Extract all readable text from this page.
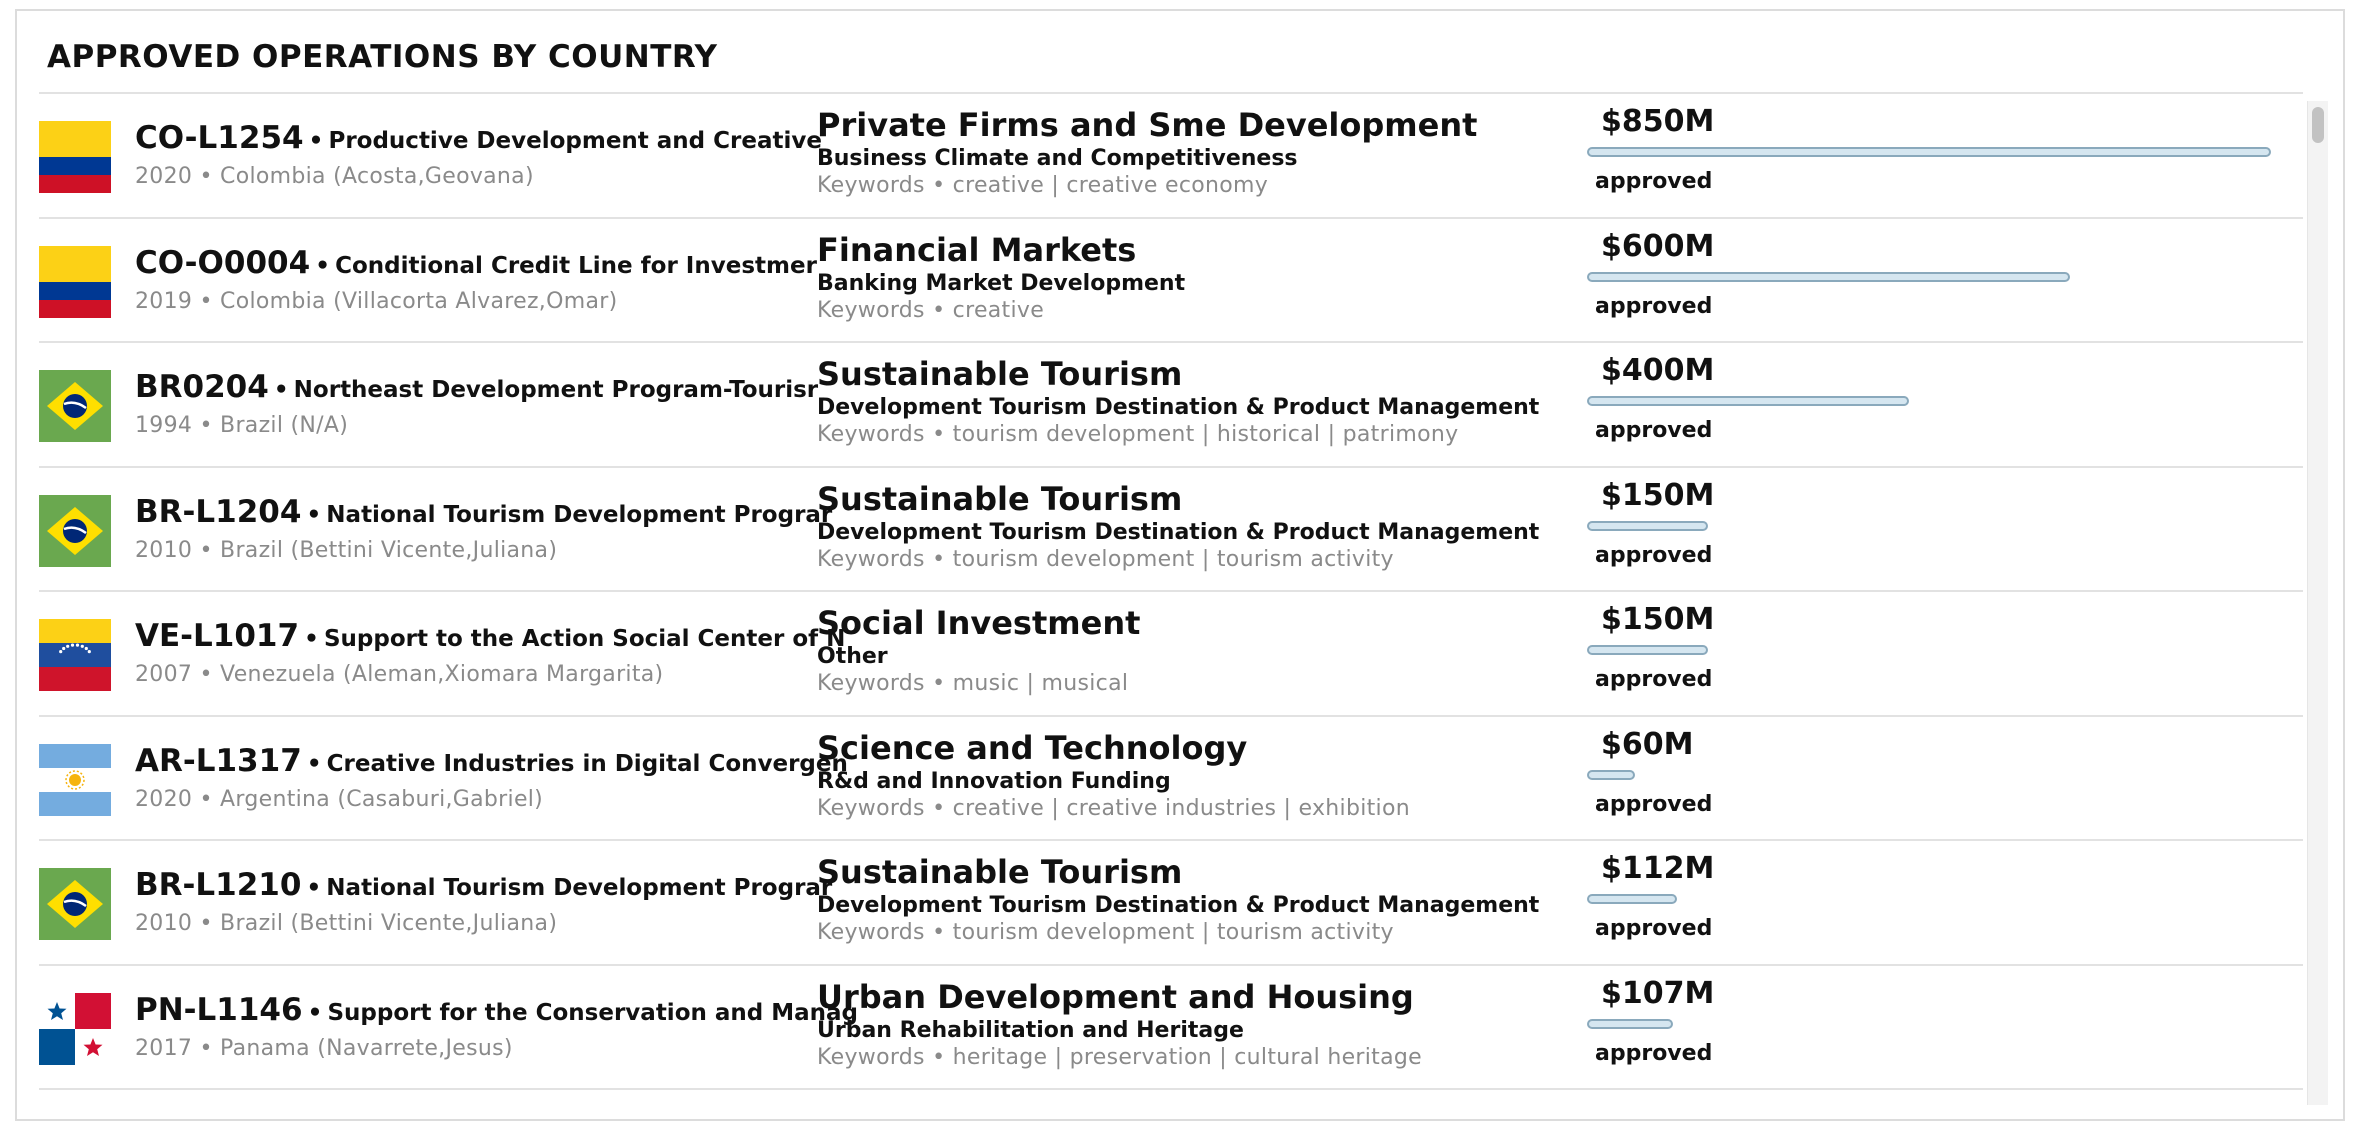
APPROVED OPERATIONS BY COUNTRY
CO-L1254 • Productive Development and Creative
2020 • Colombia (Acosta,Geovana)
Private Firms and Sme Development
Business Climate and Competitiveness
Keywords • creative | creative economy
$850M
approved
CO-O0004 • Conditional Credit Line for Investmer
2019 • Colombia (Villacorta Alvarez,Omar)
Financial Markets
Banking Market Development
Keywords • creative
$600M
approved
BR0204 • Northeast Development Program-Tourisr
1994 • Brazil (N/A)
Sustainable Tourism
Development Tourism Destination & Product Management
Keywords • tourism development | historical | patrimony
$400M
approved
BR-L1204 • National Tourism Development Prograr
2010 • Brazil (Bettini Vicente,Juliana)
Sustainable Tourism
Development Tourism Destination & Product Management
Keywords • tourism development | tourism activity
$150M
approved
VE-L1017 • Support to the Action Social Center of N
2007 • Venezuela (Aleman,Xiomara Margarita)
Social Investment
Other
Keywords • music | musical
$150M
approved
AR-L1317 • Creative Industries in Digital Convergen
2020 • Argentina (Casaburi,Gabriel)
Science and Technology
R&d and Innovation Funding
Keywords • creative | creative industries | exhibition
$60M
approved
BR-L1210 • National Tourism Development Prograr
2010 • Brazil (Bettini Vicente,Juliana)
Sustainable Tourism
Development Tourism Destination & Product Management
Keywords • tourism development | tourism activity
$112M
approved
PN-L1146 • Support for the Conservation and Manag
2017 • Panama (Navarrete,Jesus)
Urban Development and Housing
Urban Rehabilitation and Heritage
Keywords • heritage | preservation | cultural heritage
$107M
approved
